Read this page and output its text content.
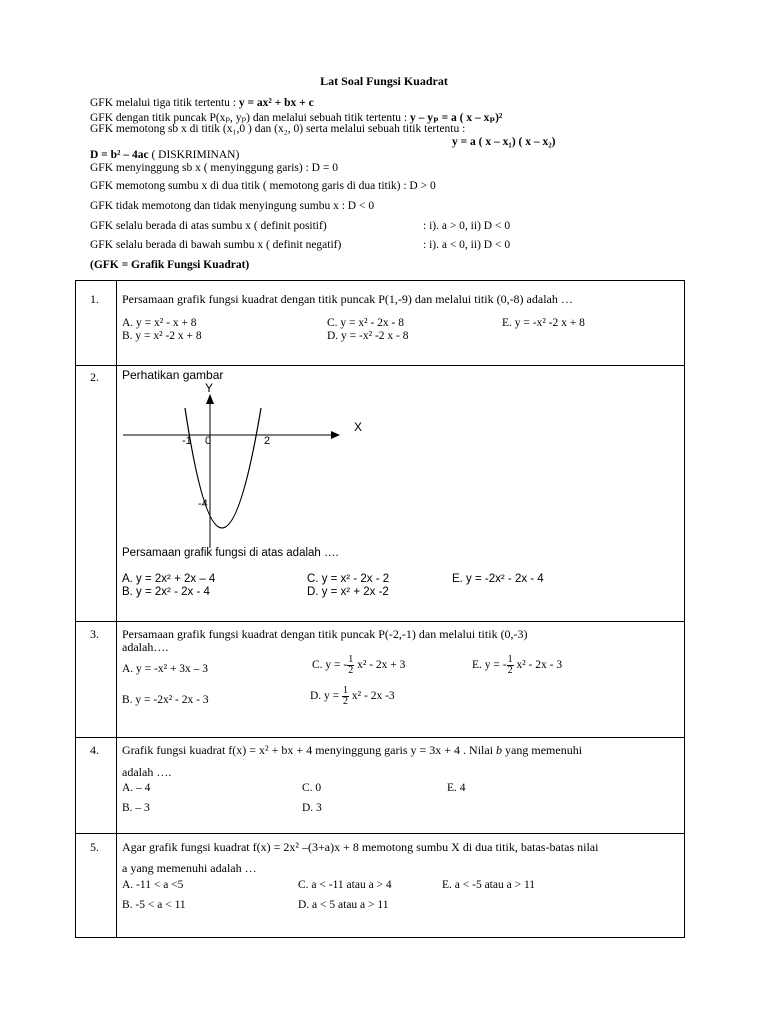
Lat Soal Fungsi Kuadrat
GFK melalui tiga titik tertentu : y = ax² + bx + c
GFK dengan titik puncak P(xₚ, yₚ) dan melalui sebuah titik tertentu : y – yₚ = a ( x – xₚ)²
GFK memotong sb x di titik (x₁,0 ) dan (x₂, 0) serta melalui sebuah titik tertentu :
y = a ( x – x₁) ( x – x₂)
D = b² – 4ac ( DISKRIMINAN)
GFK menyinggung sb x ( menyinggung garis) : D = 0
GFK memotong sumbu x di dua titik ( memotong garis di dua titik) : D > 0
GFK tidak memotong dan tidak menyingung sumbu x : D < 0
GFK selalu berada di atas sumbu x ( definit positif)	: i). a > 0, ii) D < 0
GFK selalu berada di bawah sumbu x ( definit negatif)	: i). a < 0, ii) D < 0
(GFK = Grafik Fungsi Kuadrat)
1. Persamaan grafik fungsi kuadrat dengan titik puncak P(1,-9) dan melalui titik (0,-8) adalah …
A. y = x² - x + 8
B. y = x² -2 x + 8
C. y = x² - 2x - 8
D. y = -x² -2 x - 8
E. y = -x² -2 x + 8
2. Perhatikan gambar
Y
X
-1 0	2
-4
Persamaan grafik fungsi di atas adalah ….
A. y = 2x² + 2x – 4
B. y = 2x² - 2x - 4
C. y = x² - 2x - 2
D. y = x² + 2x -2
E. y = -2x² - 2x - 4
3. Persamaan grafik fungsi kuadrat dengan titik puncak P(-2,-1) dan melalui titik (0,-3)
adalah….
A. y = -x² + 3x – 3
B. y = -2x² - 2x - 3
C. y = - $\frac{1}{2} x^2 - 2x + 3$
D. $y = \frac{1}{2} x^2 - 2x$ -3
E. y = - $\frac{1}{2} x^2 - 2x - 3$
4. Grafik fungsi kuadrat f(x) = x² + bx + 4 menyinggung garis y = 3x + 4 . Nilai b yang memenuhi
adalah ….
A. – 4
B. – 3
C. 0
D. 3
E. 4
5. Agar grafik fungsi kuadrat f(x) = 2x² –(3+a)x + 8 memotong sumbu X di dua titik, batas-batas nilai
a yang memenuhi adalah …
A. -11 < a <5
B. -5 < a < 11
C. a < -11 atau a > 4
D. a < 5 atau a > 11
E. a < -5 atau a > 11
